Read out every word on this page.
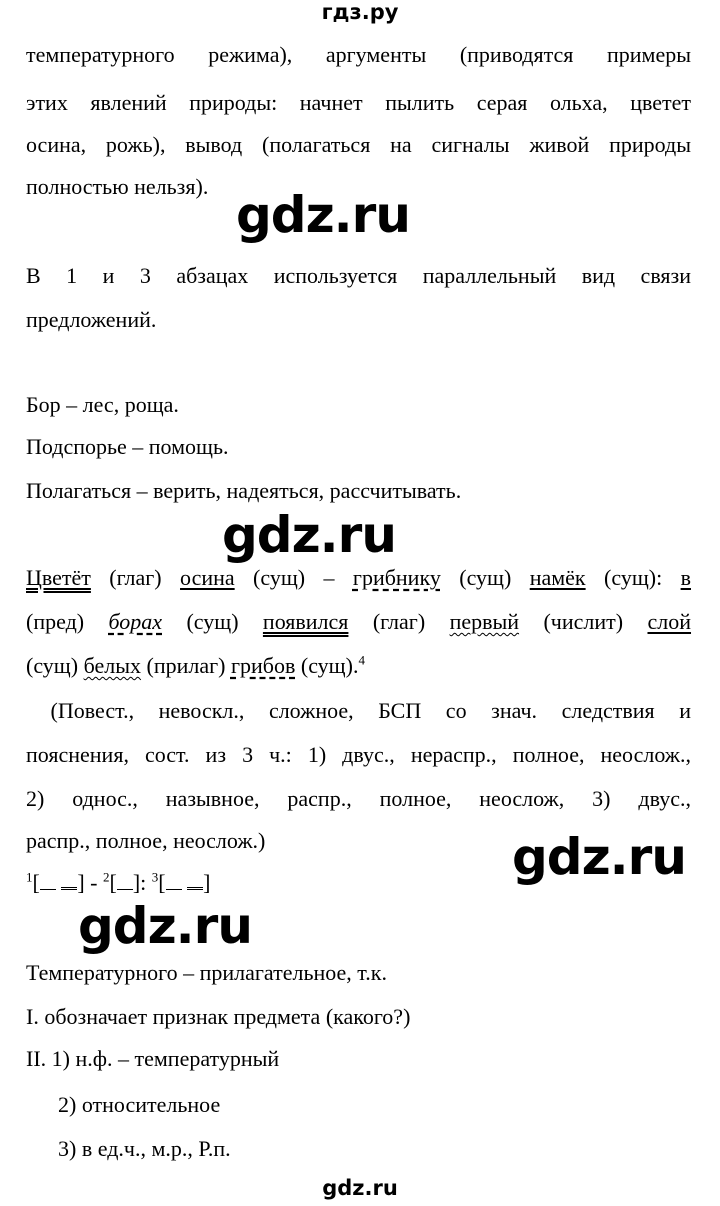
гдз.ру
температурного режима), аргументы (приводятся примеры
этих явлений природы: начнет пылить серая ольха, цветет
осина, рожь), вывод (полагаться на сигналы живой природы
полностью нельзя). gdz.ru
В 1 и 3 абзацах используется параллельный вид связи
предложений.
Бор – лес, роща.
Подспорье – помощь.
Полагаться – верить, надеяться, рассчитывать.
gdz.ru
Цветёт (глаг) осина (сущ) – грибнику (сущ) намёк (сущ): в
(пред) борах (сущ) появился (глаг) первый (числит) слой
(сущ) белых (прилаг) грибов (сущ).$^4$
(Повест., невоскл., сложное, БСП со знач. следствия и
пояснения, сост. из 3 ч.: 1) двус., нераспр., полное, неослож.,
2) однос., назывное, распр., полное, неослож, 3) двус.,
распр., полное, неослож.)	gdz.ru
$^1$[ ] - $^2$[ ]: $^3$[ ]
gdz.ru
Температурного – прилагательное, т.к.
I. обозначает признак предмета (какого?)
II. 1) н.ф. – температурный
2) относительное
3) в ед.ч., м.р., Р.п.
gdz.ru
